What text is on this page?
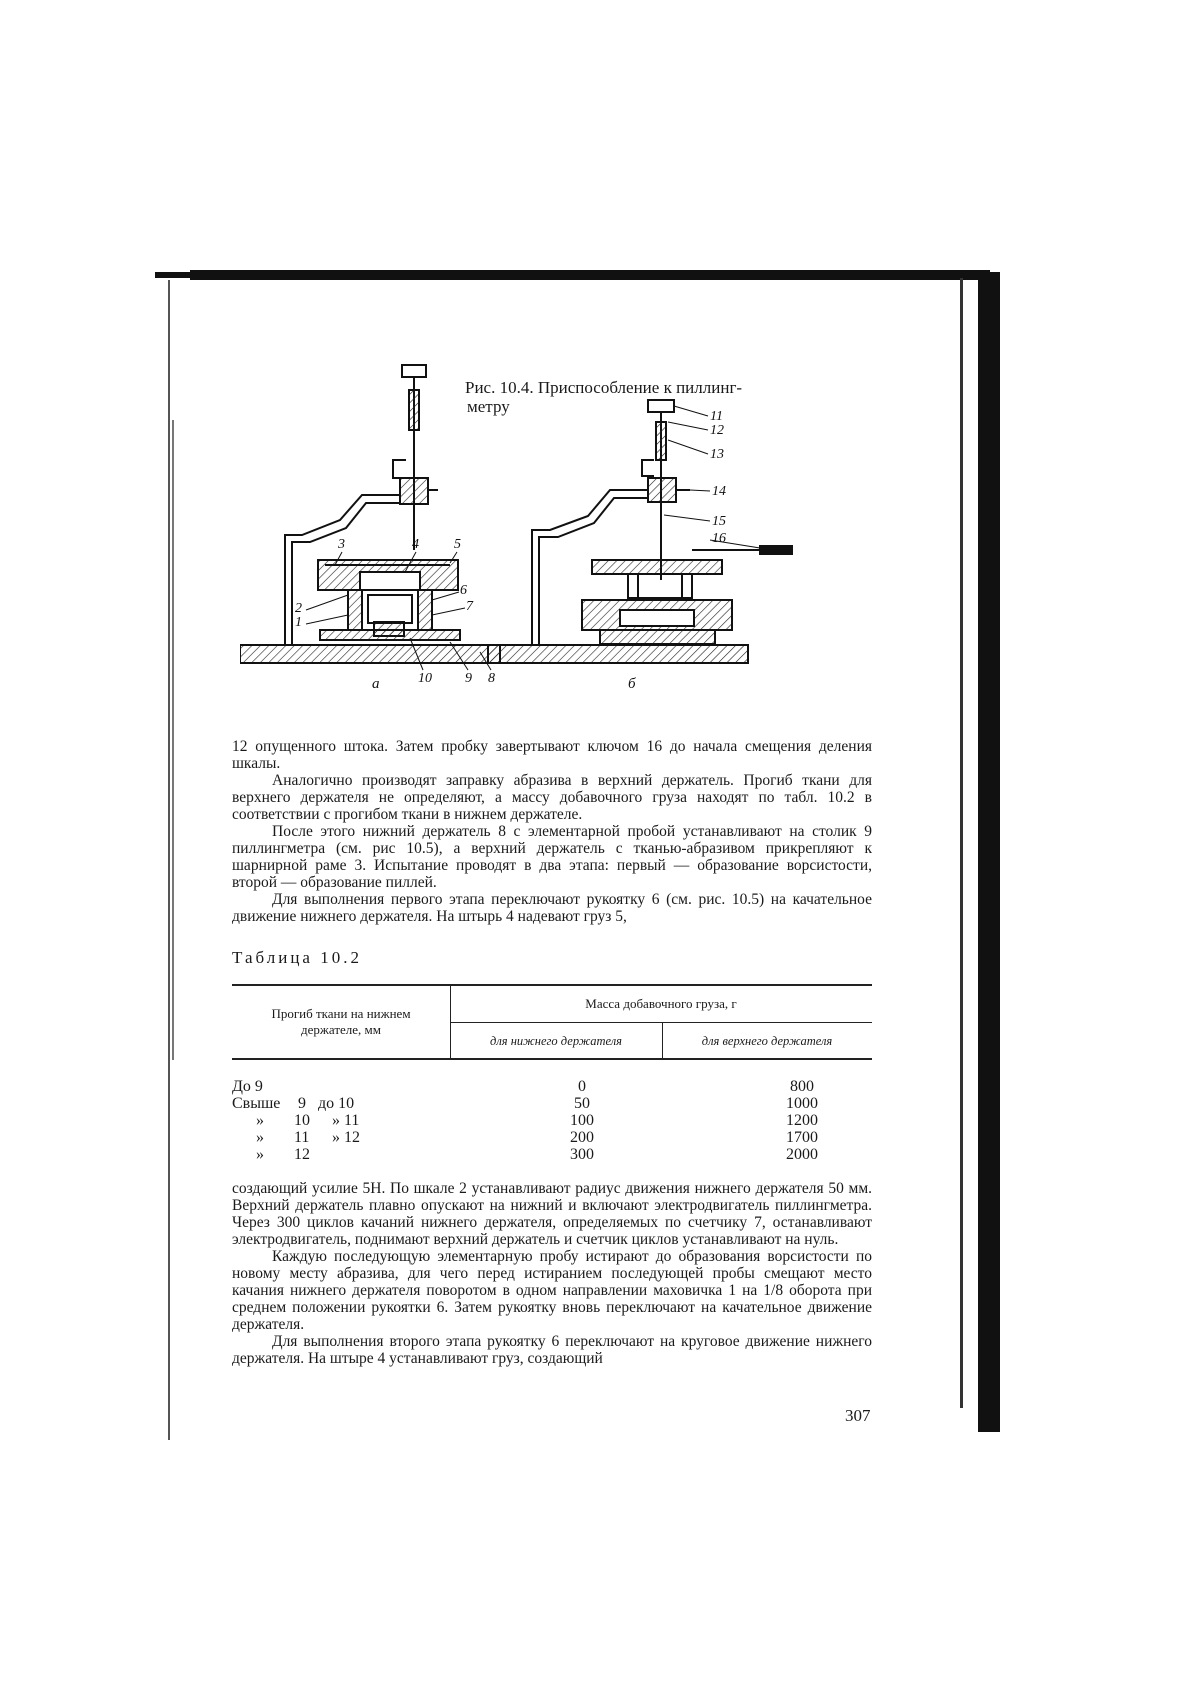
Рис. 10.4. Приспособление к пиллинг-
метру
3	4	5
2
1
6
7
10 9 8
а
11
12
13
14
15
16
б

12 опущенного штока. Затем пробку завертывают ключом 16 до начала смещения деления шкалы.

Аналогично производят заправку абразива в верхний держатель. Прогиб ткани для верхнего держателя не определяют, а массу добавочного груза находят по табл. 10.2 в соответствии с прогибом ткани в нижнем держателе.

После этого нижний держатель 8 с элементарной пробой устанавливают на столик 9 пиллингметра (см. рис 10.5), а верхний держатель с тканью-абразивом прикрепляют к шарнирной раме 3. Испытание проводят в два этапа: первый — образование ворсистости, второй — образование пиллей.

Для выполнения первого этапа переключают рукоятку 6 (см. рис. 10.5) на качательное движение нижнего держателя. На штырь 4 надевают груз 5,

Таблица 10.2
Прогиб ткани на нижнем
держателе, мм
Масса добавочного груза, г
для нижнего держателя	для верхнего держателя
До 9	0	800
Свыше 9 до 10	50	1000
» 10 » 11	100	1200
» 11 » 12	200	1700
» 12	300	2000

создающий усилие 5Н. По шкале 2 устанавливают радиус движения нижнего держателя 50 мм. Верхний держатель плавно опускают на нижний и включают электродвигатель пиллингметра. Через 300 циклов качаний нижнего держателя, определяемых по счетчику 7, останавливают электродвигатель, поднимают верхний держатель и счетчик циклов устанавливают на нуль.

Каждую последующую элементарную пробу истирают до образования ворсистости по новому месту абразива, для чего перед истиранием последующей пробы смещают место качания нижнего держателя поворотом в одном направлении маховичка 1 на 1/8 оборота при среднем положении рукоятки 6. Затем рукоятку вновь переключают на качательное движение держателя.

Для выполнения второго этапа рукоятку 6 переключают на круговое движение нижнего держателя. На штыре 4 устанавливают груз, создающий

307
